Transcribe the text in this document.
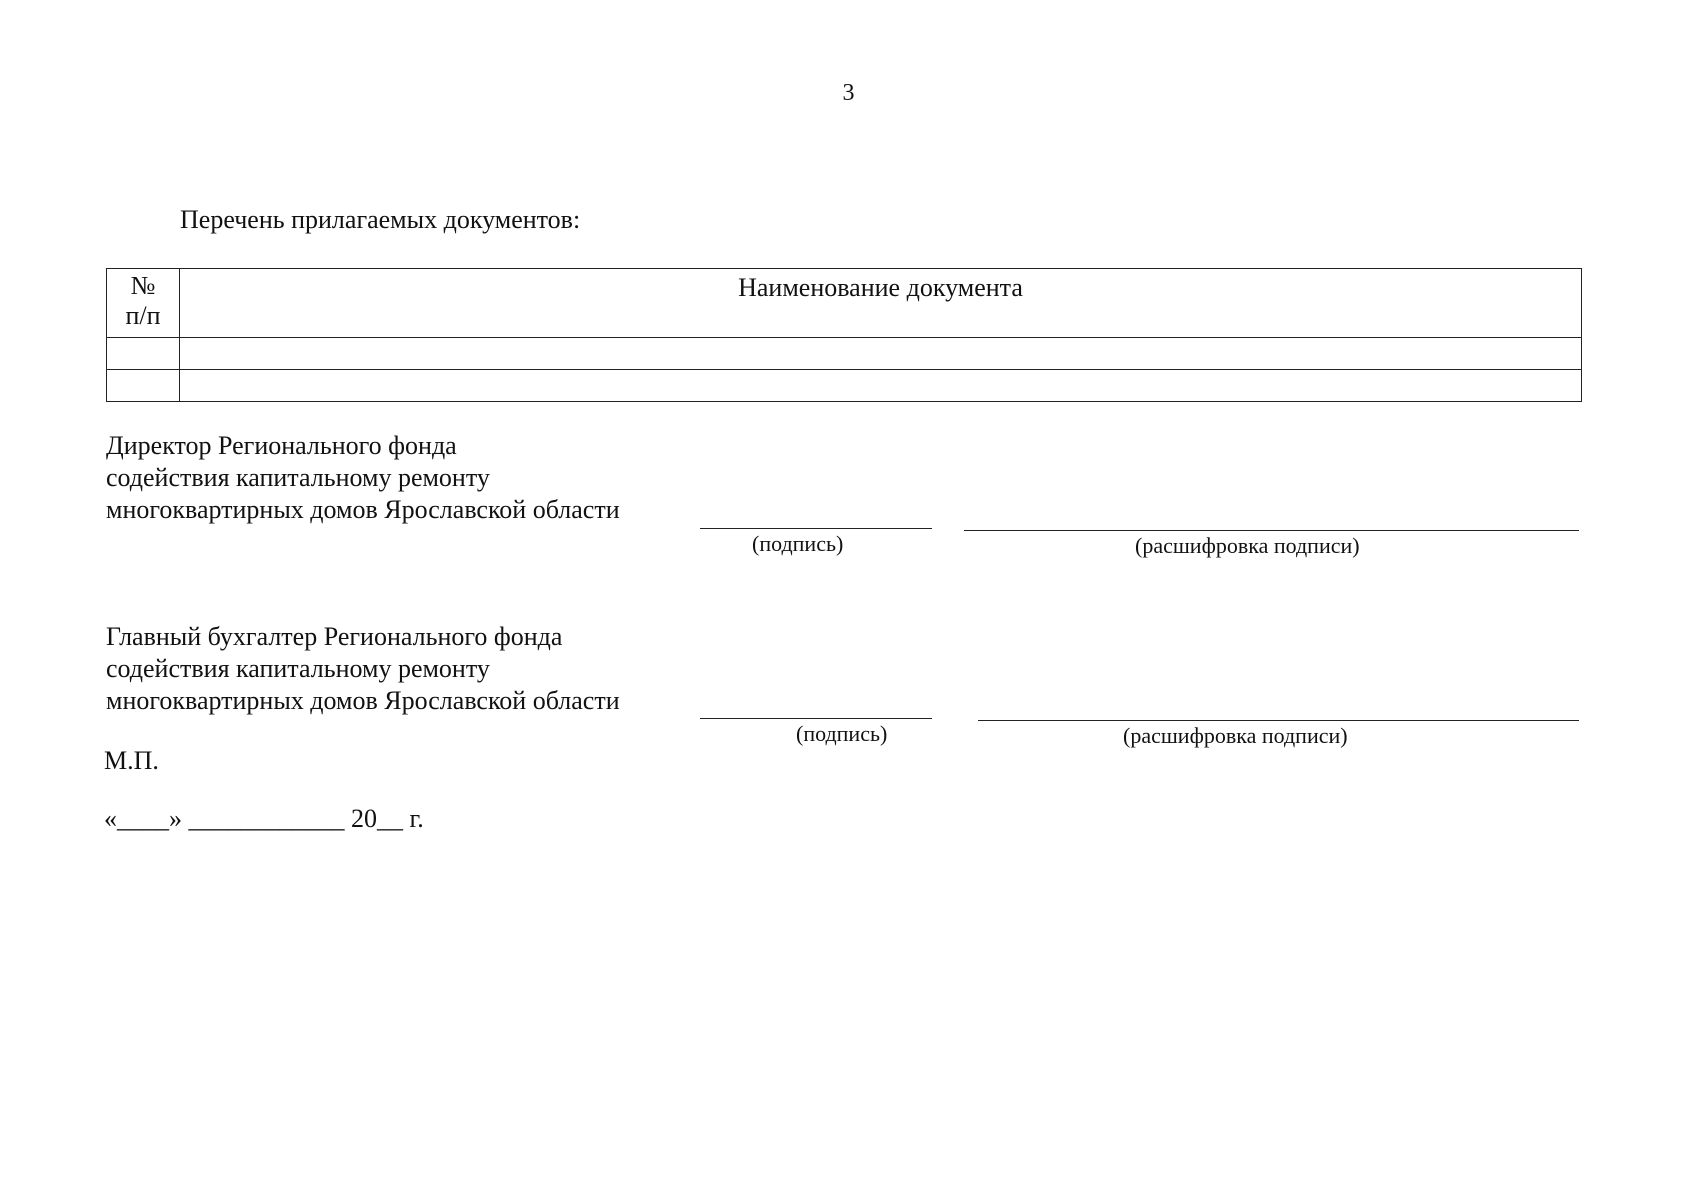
3
Перечень прилагаемых документов:
№
п/п	Наименование документа

Директор Регионального фонда
содействия капитальному ремонту
многоквартирных домов Ярославской области
(подпись)	(расшифровка подписи)
Главный бухгалтер Регионального фонда
содействия капитальному ремонту
многоквартирных домов Ярославской области
(подпись)	(расшифровка подписи)
М.П.
«____» ____________ 20__ г.
